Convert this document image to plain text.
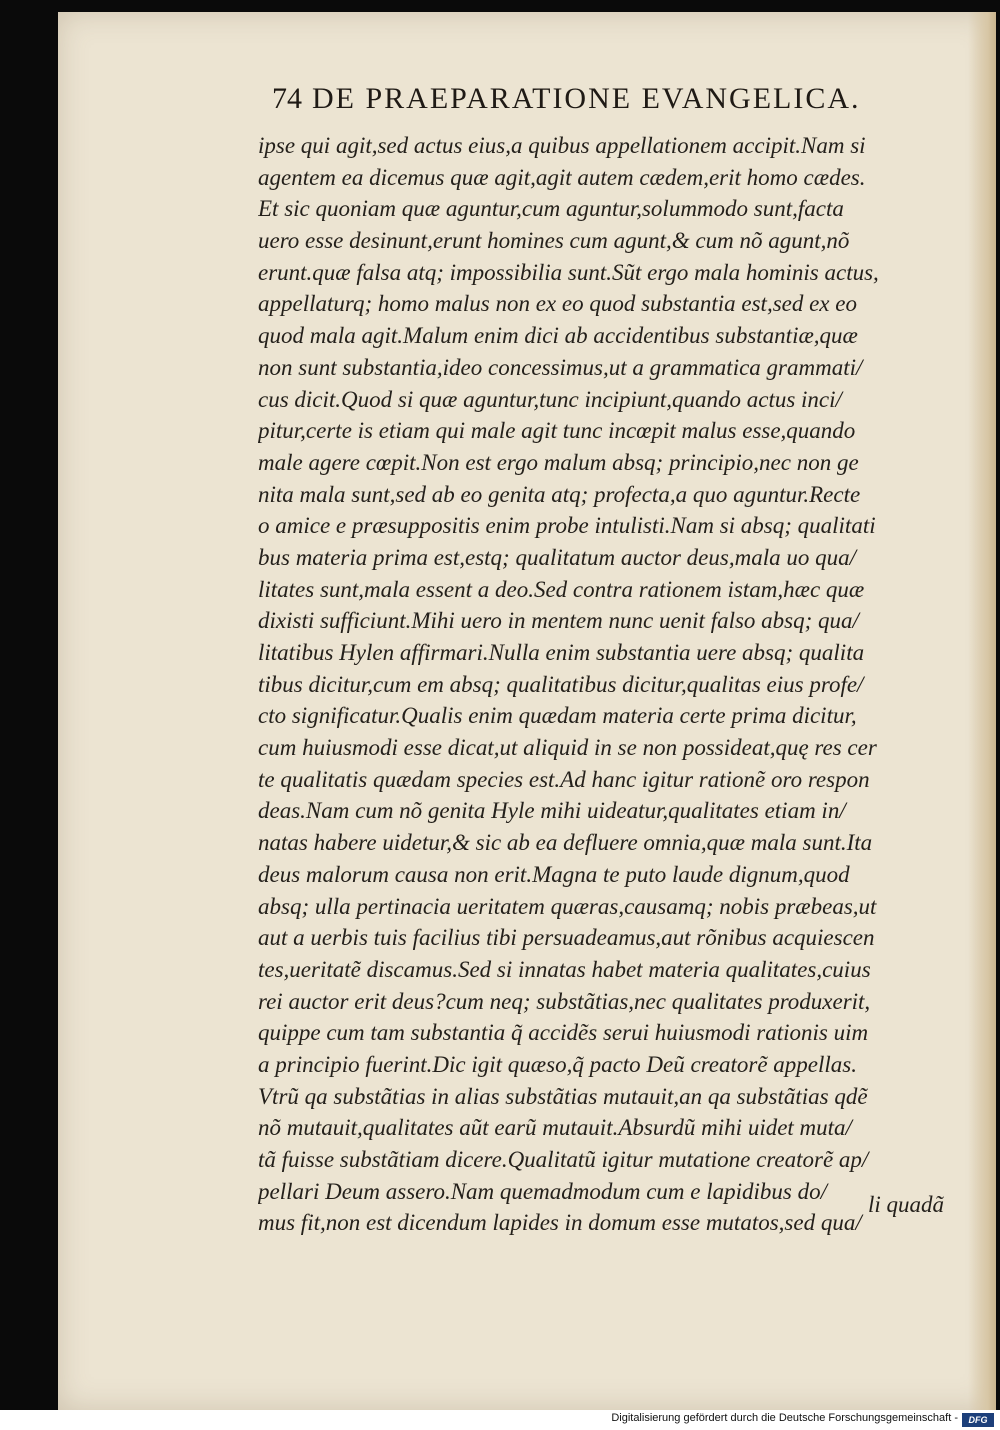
74 DE PRAEPARATIONE EVANGELICA.
ipse qui agit,sed actus eius,a quibus appellationem accipit.Nam si
agentem ea dicemus quæ agit,agit autem cædem,erit homo cædes.
Et sic quoniam quæ aguntur,cum aguntur,solummodo sunt,facta
uero esse desinunt,erunt homines cum agunt,& cum nõ agunt,nõ
erunt.quæ falsa atq; impossibilia sunt.Sũt ergo mala hominis actus,
appellaturq; homo malus non ex eo quod substantia est,sed ex eo
quod mala agit.Malum enim dici ab accidentibus substantiæ,quæ
non sunt substantia,ideo concessimus,ut a grammatica grammati/
cus dicit.Quod si quæ aguntur,tunc incipiunt,quando actus inci/
pitur,certe is etiam qui male agit tunc incœpit malus esse,quando
male agere cœpit.Non est ergo malum absq; principio,nec non ge
nita mala sunt,sed ab eo genita atq; profecta,a quo aguntur.Recte
o amice e præsuppositis enim probe intulisti.Nam si absq; qualitati
bus materia prima est,estq; qualitatum auctor deus,mala uo qua/
litates sunt,mala essent a deo.Sed contra rationem istam,hæc quæ
dixisti sufficiunt.Mihi uero in mentem nunc uenit falso absq; qua/
litatibus Hylen affirmari.Nulla enim substantia uere absq; qualita
tibus dicitur,cum em absq; qualitatibus dicitur,qualitas eius profe/
cto significatur.Qualis enim quædam materia certe prima dicitur,
cum huiusmodi esse dicat,ut aliquid in se non possideat,quę res cer
te qualitatis quædam species est.Ad hanc igitur rationẽ oro respon
deas.Nam cum nõ genita Hyle mihi uideatur,qualitates etiam in/
natas habere uidetur,& sic ab ea defluere omnia,quæ mala sunt.Ita
deus malorum causa non erit.Magna te puto laude dignum,quod
absq; ulla pertinacia ueritatem quæras,causamq; nobis præbeas,ut
aut a uerbis tuis facilius tibi persuadeamus,aut rõnibus acquiescen
tes,ueritatẽ discamus.Sed si innatas habet materia qualitates,cuius
rei auctor erit deus?cum neq; substãtias,nec qualitates produxerit,
quippe cum tam substantia q̃ accidẽs serui huiusmodi rationis uim
a principio fuerint.Dic igit quæso,q̃ pacto Deũ creatorẽ appellas.
Vtrũ qa substãtias in alias substãtias mutauit,an qa substãtias qdẽ
nõ mutauit,qualitates aũt earũ mutauit.Absurdũ mihi uidet muta/
tã fuisse substãtiam dicere.Qualitatũ igitur mutatione creatorẽ ap/
pellari Deum assero.Nam quemadmodum cum e lapidibus do/
mus fit,non est dicendum lapides in domum esse mutatos,sed qua/
li quadã
Digitalisierung gefördert durch die Deutsche Forschungsgemeinschaft -	DFG
